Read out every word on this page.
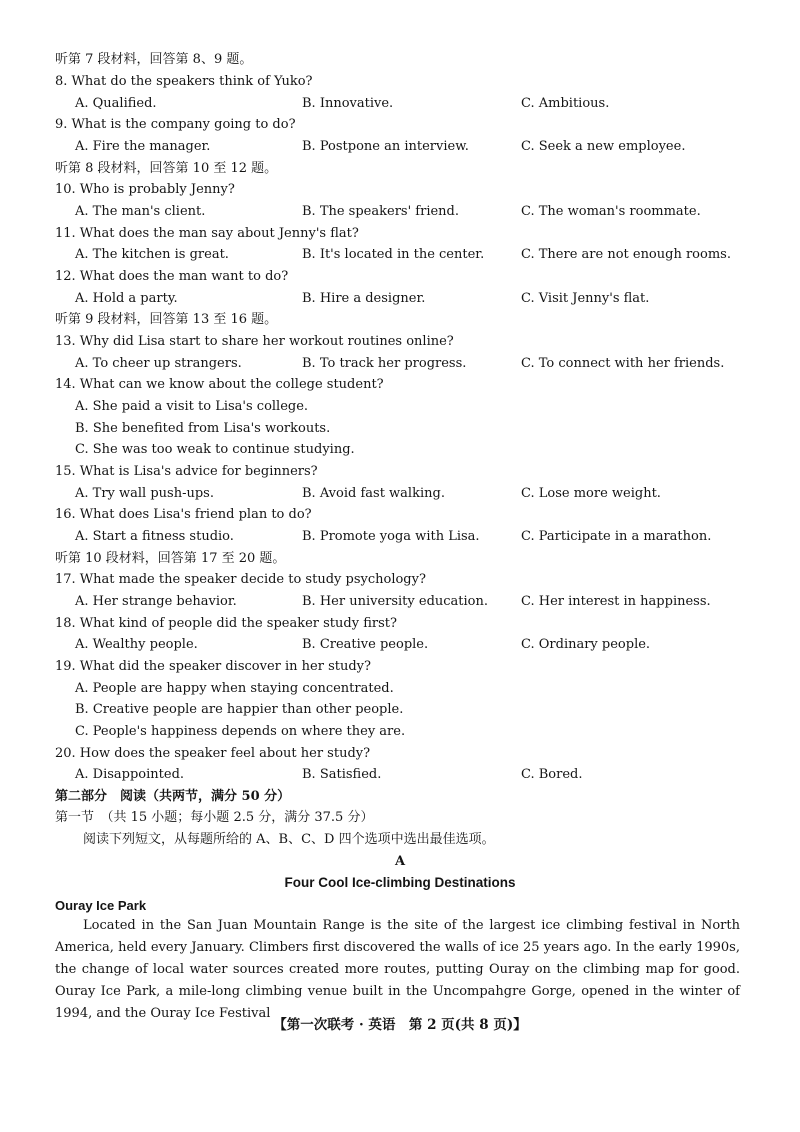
听第 7 段材料，回答第 8、9 题。
8. What do the speakers think of Yuko?
A. Qualified.	B. Innovative.	C. Ambitious.
9. What is the company going to do?
A. Fire the manager.	B. Postpone an interview.	C. Seek a new employee.
听第 8 段材料，回答第 10 至 12 题。
10. Who is probably Jenny?
A. The man's client.	B. The speakers' friend.	C. The woman's roommate.
11. What does the man say about Jenny's flat?
A. The kitchen is great.	B. It's located in the center.	C. There are not enough rooms.
12. What does the man want to do?
A. Hold a party.	B. Hire a designer.	C. Visit Jenny's flat.
听第 9 段材料，回答第 13 至 16 题。
13. Why did Lisa start to share her workout routines online?
A. To cheer up strangers.	B. To track her progress.	C. To connect with her friends.
14. What can we know about the college student?
A. She paid a visit to Lisa's college.
B. She benefited from Lisa's workouts.
C. She was too weak to continue studying.
15. What is Lisa's advice for beginners?
A. Try wall push-ups.	B. Avoid fast walking.	C. Lose more weight.
16. What does Lisa's friend plan to do?
A. Start a fitness studio.	B. Promote yoga with Lisa.	C. Participate in a marathon.
听第 10 段材料，回答第 17 至 20 题。
17. What made the speaker decide to study psychology?
A. Her strange behavior.	B. Her university education.	C. Her interest in happiness.
18. What kind of people did the speaker study first?
A. Wealthy people.	B. Creative people.	C. Ordinary people.
19. What did the speaker discover in her study?
A. People are happy when staying concentrated.
B. Creative people are happier than other people.
C. People's happiness depends on where they are.
20. How does the speaker feel about her study?
A. Disappointed.	B. Satisfied.	C. Bored.
第二部分　阅读（共两节，满分 50 分）
第一节　（共 15 小题；每小题 2.5 分，满分 37.5 分）
阅读下列短文，从每题所给的 A、B、C、D 四个选项中选出最佳选项。
A
Four Cool Ice-climbing Destinations
Ouray Ice Park
Located in the San Juan Mountain Range is the site of the largest ice climbing festival in North America, held every January. Climbers first discovered the walls of ice 25 years ago. In the early 1990s, the change of local water sources created more routes, putting Ouray on the climbing map for good. Ouray Ice Park, a mile-long climbing venue built in the Uncompahgre Gorge, opened in the winter of 1994, and the Ouray Ice Festival
【第一次联考 · 英语　第 2 页(共 8 页)】
